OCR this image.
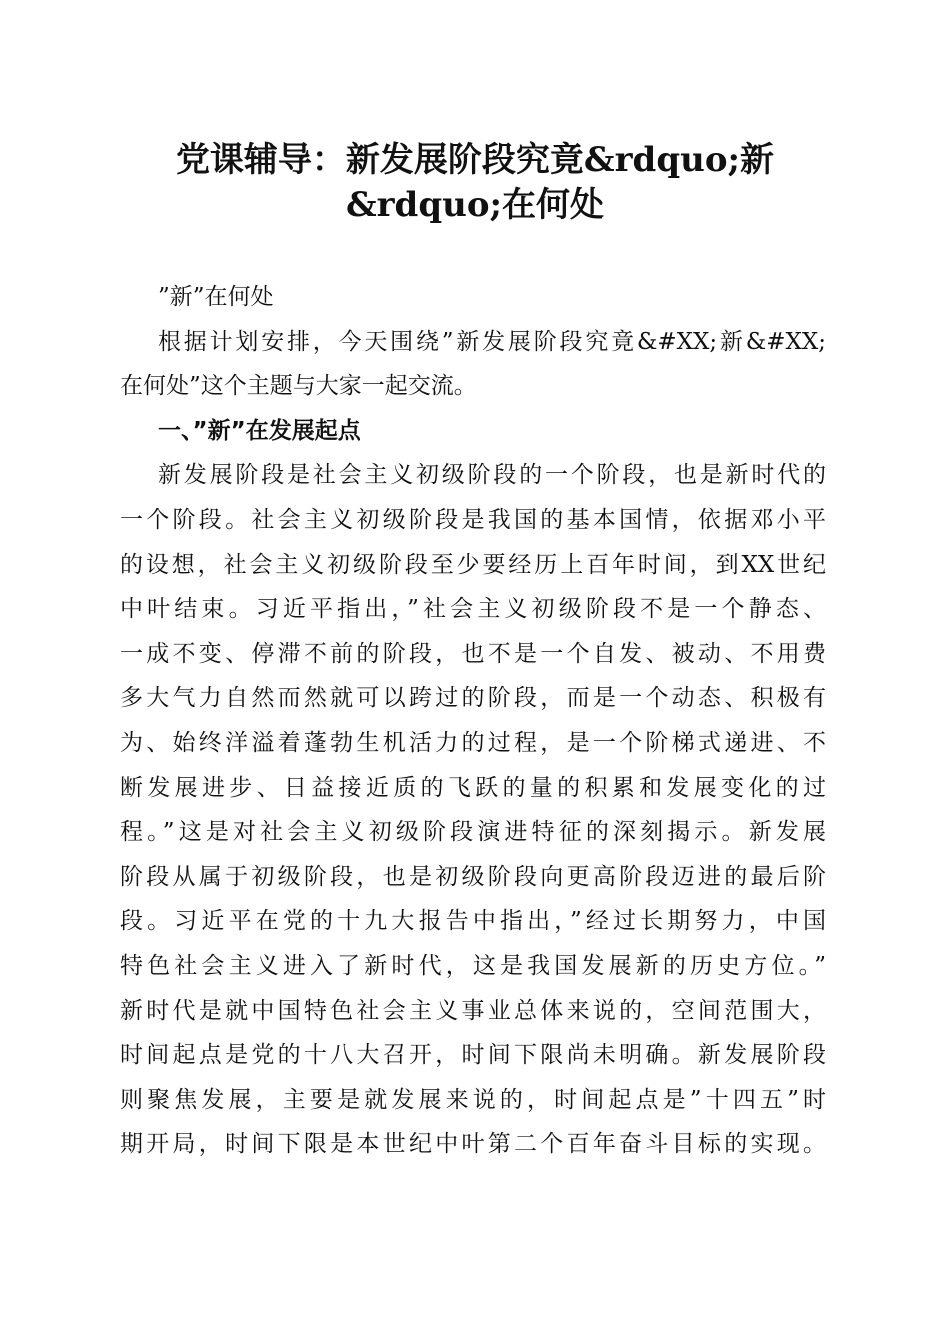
党课辅导：新发展阶段究竟&rdquo;新
&rdquo;在何处
”新”在何处
根据计划安排，今天围绕”新发展阶段究竟&#XX;新&#XX;
在何处”这个主题与大家一起交流。
一、”新”在发展起点
新发展阶段是社会主义初级阶段的一个阶段，也是新时代的
一个阶段。社会主义初级阶段是我国的基本国情，依据邓小平
的设想，社会主义初级阶段至少要经历上百年时间，到XX世纪
中叶结束。习近平指出，”社会主义初级阶段不是一个静态、
一成不变、停滞不前的阶段，也不是一个自发、被动、不用费
多大气力自然而然就可以跨过的阶段，而是一个动态、积极有
为、始终洋溢着蓬勃生机活力的过程，是一个阶梯式递进、不
断发展进步、日益接近质的飞跃的量的积累和发展变化的过
程。”这是对社会主义初级阶段演进特征的深刻揭示。新发展
阶段从属于初级阶段，也是初级阶段向更高阶段迈进的最后阶
段。习近平在党的十九大报告中指出，”经过长期努力，中国
特色社会主义进入了新时代，这是我国发展新的历史方位。”
新时代是就中国特色社会主义事业总体来说的，空间范围大，
时间起点是党的十八大召开，时间下限尚未明确。新发展阶段
则聚焦发展，主要是就发展来说的，时间起点是”十四五”时
期开局，时间下限是本世纪中叶第二个百年奋斗目标的实现。
